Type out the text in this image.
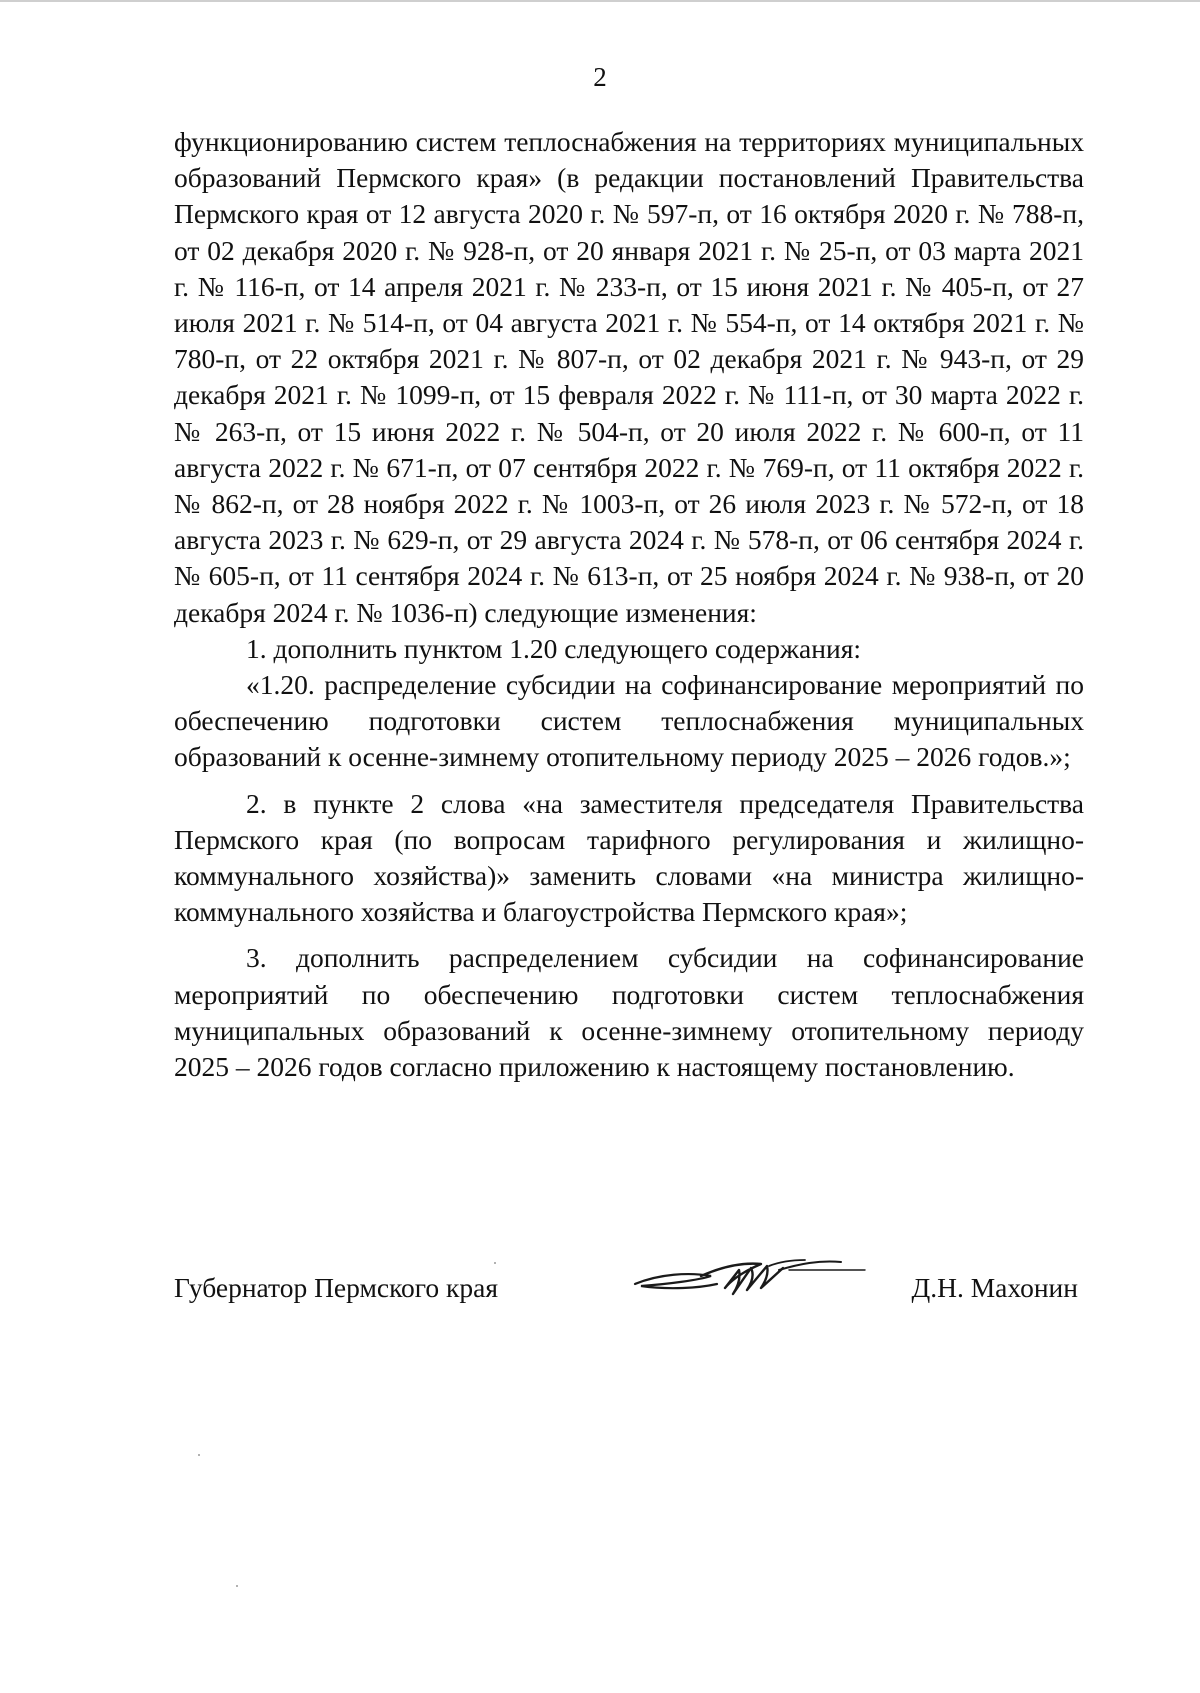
2

функционированию систем теплоснабжения на территориях муниципальных образований Пермского края» (в редакции постановлений Правительства Пермского края от 12 августа 2020 г. № 597-п, от 16 октября 2020 г. № 788-п, от 02 декабря 2020 г. № 928-п, от 20 января 2021 г. № 25-п, от 03 марта 2021 г. № 116-п, от 14 апреля 2021 г. № 233-п, от 15 июня 2021 г. № 405-п, от 27 июля 2021 г. № 514-п, от 04 августа 2021 г. № 554-п, от 14 октября 2021 г. № 780-п, от 22 октября 2021 г. № 807-п, от 02 декабря 2021 г. № 943-п, от 29 декабря 2021 г. № 1099-п, от 15 февраля 2022 г. № 111-п, от 30 марта 2022 г. № 263-п, от 15 июня 2022 г. № 504-п, от 20 июля 2022 г. № 600-п, от 11 августа 2022 г. № 671-п, от 07 сентября 2022 г. № 769-п, от 11 октября 2022 г. № 862-п, от 28 ноября 2022 г. № 1003-п, от 26 июля 2023 г. № 572-п, от 18 августа 2023 г. № 629-п, от 29 августа 2024 г. № 578-п, от 06 сентября 2024 г. № 605-п, от 11 сентября 2024 г. № 613-п, от 25 ноября 2024 г. № 938-п, от 20 декабря 2024 г. № 1036-п) следующие изменения:

1. дополнить пунктом 1.20 следующего содержания:

«1.20. распределение субсидии на софинансирование мероприятий по обеспечению подготовки систем теплоснабжения муниципальных образований к осенне-зимнему отопительному периоду 2025 – 2026 годов.»;

2. в пункте 2 слова «на заместителя председателя Правительства Пермского края (по вопросам тарифного регулирования и жилищно-коммунального хозяйства)» заменить словами «на министра жилищно-коммунального хозяйства и благоустройства Пермского края»;

3. дополнить распределением субсидии на софинансирование мероприятий по обеспечению подготовки систем теплоснабжения муниципальных образований к осенне-зимнему отопительному периоду 2025 – 2026 годов согласно приложению к настоящему постановлению.

Губернатор Пермского края	Д.Н. Махонин
